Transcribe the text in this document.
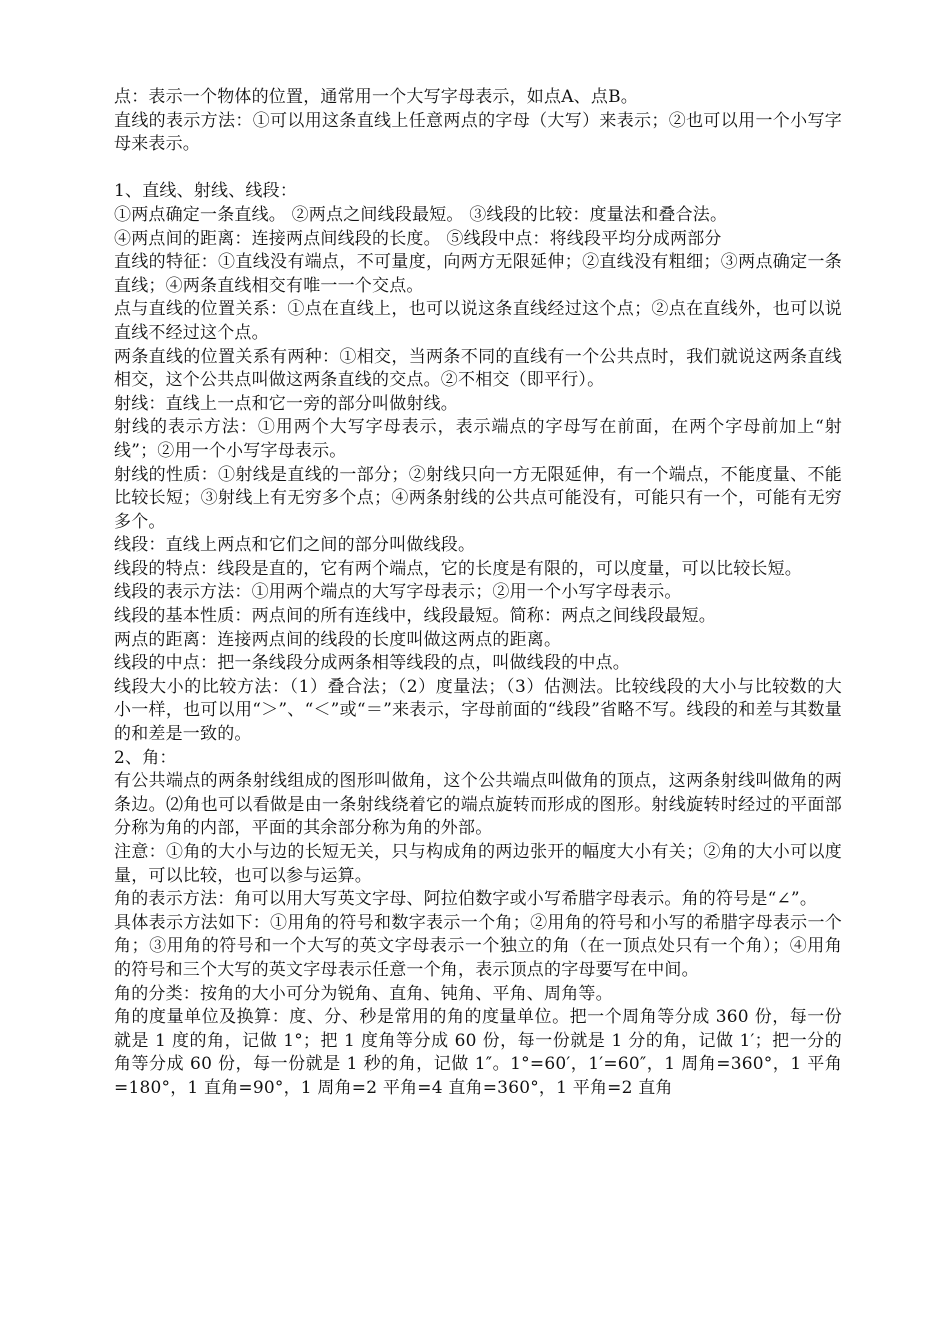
点：表示一个物体的位置，通常用一个大写字母表示，如点A、点B。

直线的表示方法：①可以用这条直线上任意两点的字母（大写）来表示；②也可以用一个小写字母来表示。

1、直线、射线、线段：

①两点确定一条直线。 ②两点之间线段最短。 ③线段的比较：度量法和叠合法。

④两点间的距离：连接两点间线段的长度。 ⑤线段中点：将线段平均分成两部分

直线的特征：①直线没有端点，不可量度，向两方无限延伸；②直线没有粗细；③两点确定一条直线；④两条直线相交有唯一一个交点。

点与直线的位置关系：①点在直线上，也可以说这条直线经过这个点；②点在直线外，也可以说直线不经过这个点。

两条直线的位置关系有两种：①相交，当两条不同的直线有一个公共点时，我们就说这两条直线相交，这个公共点叫做这两条直线的交点。②不相交（即平行）。

射线：直线上一点和它一旁的部分叫做射线。

射线的表示方法：①用两个大写字母表示，表示端点的字母写在前面，在两个字母前加上“射线”；②用一个小写字母表示。

射线的性质：①射线是直线的一部分；②射线只向一方无限延伸，有一个端点，不能度量、不能比较长短；③射线上有无穷多个点；④两条射线的公共点可能没有，可能只有一个，可能有无穷多个。

线段：直线上两点和它们之间的部分叫做线段。

线段的特点：线段是直的，它有两个端点，它的长度是有限的，可以度量，可以比较长短。

线段的表示方法：①用两个端点的大写字母表示；②用一个小写字母表示。

线段的基本性质：两点间的所有连线中，线段最短。简称：两点之间线段最短。

两点的距离：连接两点间的线段的长度叫做这两点的距离。

线段的中点：把一条线段分成两条相等线段的点，叫做线段的中点。

线段大小的比较方法：（1）叠合法；（2）度量法；（3）估测法。比较线段的大小与比较数的大小一样，也可以用“＞”、“＜”或“＝”来表示，字母前面的“线段”省略不写。线段的和差与其数量的和差是一致的。

2、角：

有公共端点的两条射线组成的图形叫做角，这个公共端点叫做角的顶点，这两条射线叫做角的两条边。⑵角也可以看做是由一条射线绕着它的端点旋转而形成的图形。射线旋转时经过的平面部分称为角的内部，平面的其余部分称为角的外部。

注意：①角的大小与边的长短无关，只与构成角的两边张开的幅度大小有关；②角的大小可以度量，可以比较，也可以参与运算。

角的表示方法：角可以用大写英文字母、阿拉伯数字或小写希腊字母表示。角的符号是“∠”。

具体表示方法如下：①用角的符号和数字表示一个角；②用角的符号和小写的希腊字母表示一个角；③用角的符号和一个大写的英文字母表示一个独立的角（在一顶点处只有一个角）；④用角的符号和三个大写的英文字母表示任意一个角，表示顶点的字母要写在中间。

角的分类：按角的大小可分为锐角、直角、钝角、平角、周角等。

角的度量单位及换算：度、分、秒是常用的角的度量单位。把一个周角等分成 360 份，每一份就是 1 度的角，记做 1°；把 1 度角等分成 60 份，每一份就是 1 分的角，记做 1′；把一分的角等分成 60 份，每一份就是 1 秒的角，记做 1″。1°=60′，1′=60″，1 周角=360°，1 平角=180°，1 直角=90°，1 周角=2 平角=4 直角=360°，1 平角=2 直角
